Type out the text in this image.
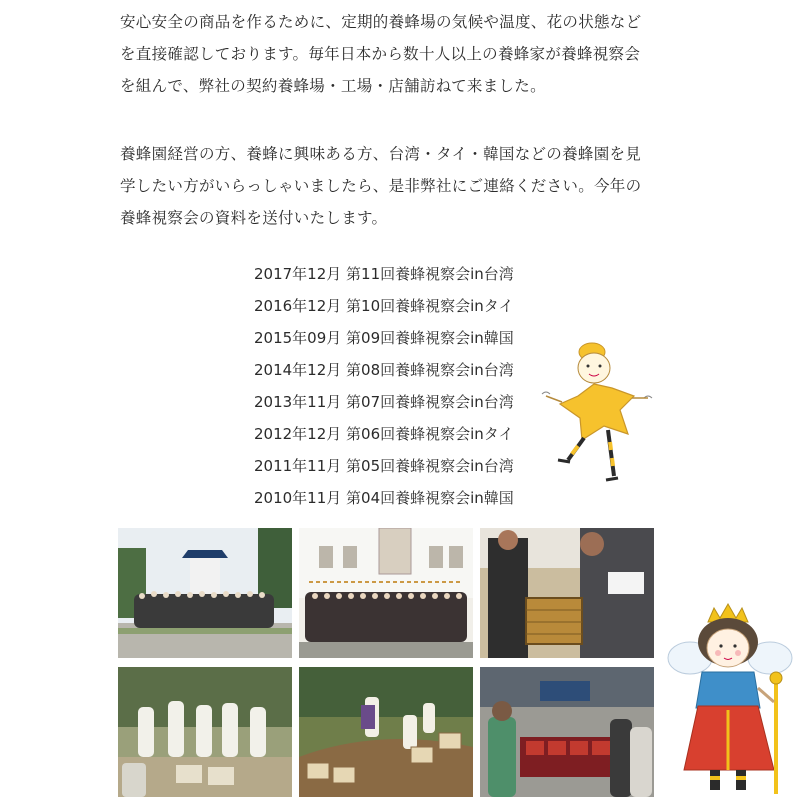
安心安全の商品を作るために、定期的養蜂場の気候や温度、花の状態など
を直接確認しております。毎年日本から数十人以上の養蜂家が養蜂視察会
を組んで、弊社の契約養蜂場・工場・店舗訪ねて来ました。
養蜂園経営の方、養蜂に興味ある方、台湾・タイ・韓国などの養蜂園を見
学したい方がいらっしゃいましたら、是非弊社にご連絡ください。今年の
養蜂視察会の資料を送付いたします。
2017年12月 第11回養蜂視察会in台湾
2016年12月 第10回養蜂視察会inタイ
2015年09月 第09回養蜂視察会in韓国
2014年12月 第08回養蜂視察会in台湾
2013年11月 第07回養蜂視察会in台湾
2012年12月 第06回養蜂視察会inタイ
2011年11月 第05回養蜂視察会in台湾
2010年11月 第04回養蜂視察会in韓国
